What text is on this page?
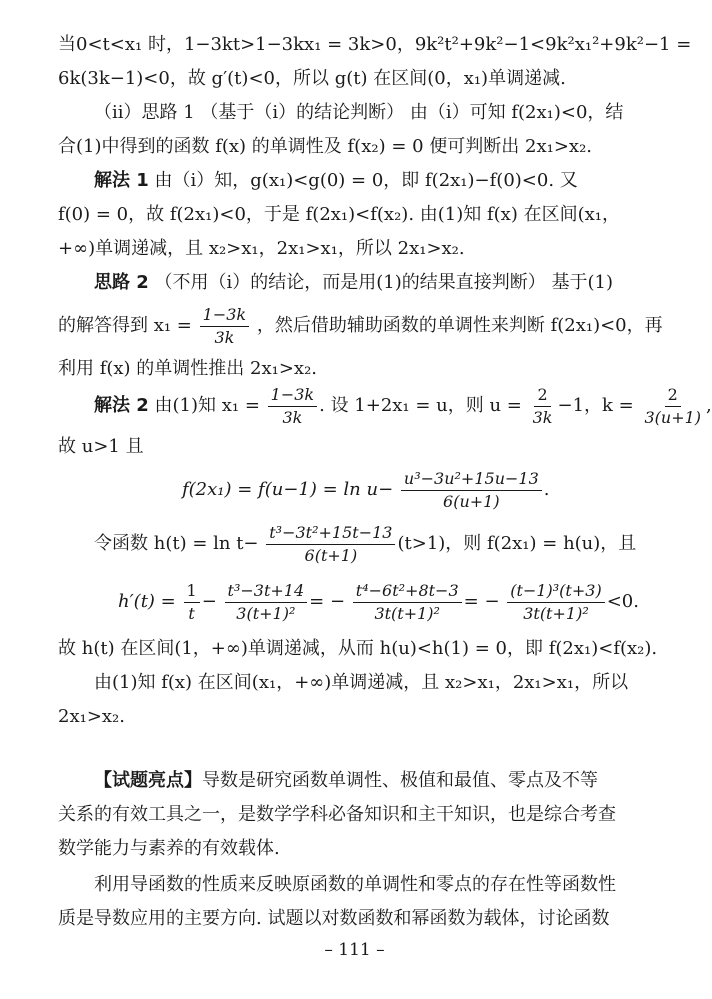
当0<t<x₁ 时，1−3kt>1−3kx₁ = 3k>0，9k²t²+9k²−1<9k²x₁²+9k²−1 =
6k(3k−1)<0，故 g′(t)<0，所以 g(t) 在区间(0，x₁)单调递减.
（ⅱ）思路 1 （基于（ⅰ）的结论判断） 由（ⅰ）可知 f(2x₁)<0，结
合(1)中得到的函数 f(x) 的单调性及 f(x₂) = 0 便可判断出 2x₁>x₂.
解法 1 由（ⅰ）知，g(x₁)<g(0) = 0，即 f(2x₁)−f(0)<0. 又
f(0) = 0，故 f(2x₁)<0，于是 f(2x₁)<f(x₂). 由(1)知 f(x) 在区间(x₁，
+∞)单调递减，且 x₂>x₁，2x₁>x₁，所以 2x₁>x₂.
思路 2 （不用（ⅰ）的结论，而是用(1)的结果直接判断） 基于(1)
的解答得到 $x_1 = \frac{1-3k}{3k}$ ，然后借助辅助函数的单调性来判断 f(2x₁)<0，再
利用 f(x) 的单调性推出 2x₁>x₂.
解法 2 由(1)知 $x_1 = \frac{1-3k}{3k}$ . 设 1+2x₁ = u，则 $u = \frac{2}{3k} -1$，$k = \frac{2}{3(u+1)}$ ,
故 u>1 且
$f(2x_1) = f(u-1) = \ln u- \frac{\text{u³−3u²+15u−13}}{6(u+1)}$ .
令函数 $h(t) = \ln t- \frac{\text{t³−3t²+15t−13}}{6(t+1)} (t>1)$，则 f(2x₁) = h(u)，且
$h'(t) = \frac{1}{t} - \frac{\text{t³−3t+14}}{\text{3(t+1)²}}$ = − $\frac{\text{t⁴−6t²+8t−3}}{\text{3t(t+1)²}}$ = − $\frac{\text{(t−1)³(t+3)}}{\text{3t(t+1)²}} <0$.
故 h(t) 在区间(1，+∞)单调递减，从而 h(u)<h(1) = 0，即 f(2x₁)<f(x₂).
由(1)知 f(x) 在区间(x₁，+∞)单调递减，且 x₂>x₁，2x₁>x₁，所以
2x₁>x₂.
【试题亮点】导数是研究函数单调性、极值和最值、零点及不等
关系的有效工具之一，是数学学科必备知识和主干知识，也是综合考查
数学能力与素养的有效载体.
利用导函数的性质来反映原函数的单调性和零点的存在性等函数性
质是导数应用的主要方向. 试题以对数函数和幂函数为载体，讨论函数
– 111 –
